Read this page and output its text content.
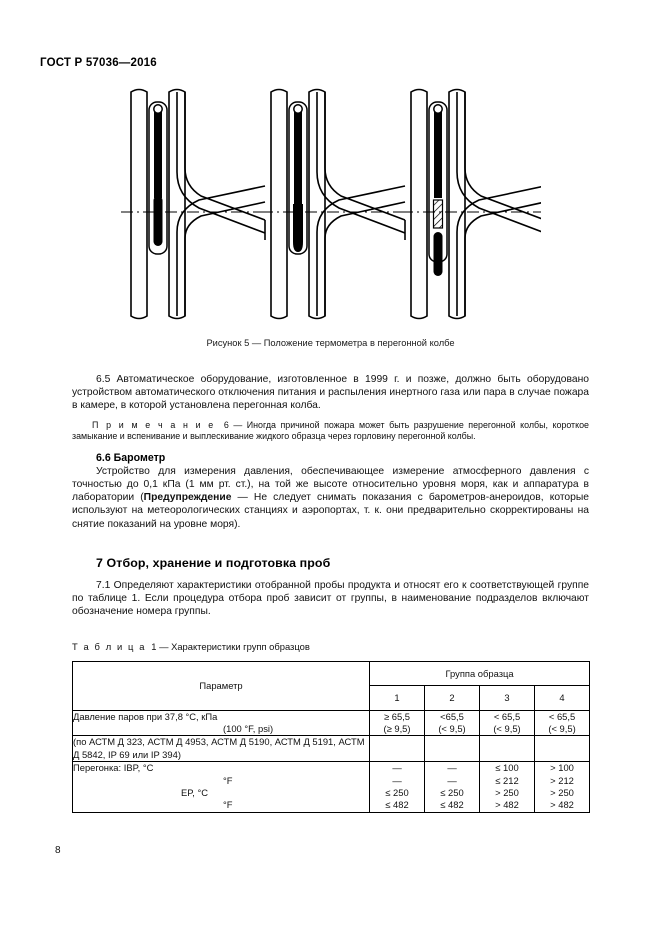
ГОСТ Р 57036—2016
Рисунок 5 — Положение термометра в перегонной колбе

6.5 Автоматическое оборудование, изготовленное в 1999 г. и позже, должно быть оборудовано устройством автоматического отключения питания и распыления инертного газа или пара в случае пожара в камере, в которой установлена перегонная колба.

П р и м е ч а н и е 6 — Иногда причиной пожара может быть разрушение перегонной колбы, короткое замыкание и вспенивание и выплескивание жидкого образца через горловину перегонной колбы.

6.6 Барометр

Устройство для измерения давления, обеспечивающее измерение атмосферного давления с точностью до 0,1 кПа (1 мм рт. ст.), на той же высоте относительно уровня моря, как и аппаратура в лаборатории (Предупреждение — Не следует снимать показания с барометров-анероидов, которые используют на метеорологических станциях и аэропортах, т. к. они предварительно скорректированы на снятие показаний на уровне моря).

7 Отбор, хранение и подготовка проб

7.1 Определяют характеристики отобранной пробы продукта и относят его к соответствующей группе по таблице 1. Если процедура отбора проб зависит от группы, в наименование подразделов включают обозначение номера группы.

Т а б л и ц а 1 — Характеристики групп образцов

Параметр	Группа образца			
	1	2	3	4
Давление паров при 37,8 °C, кПа	≥ 65,5	<65,5	< 65,5	< 65,5
(100 °F, psi)	(≥ 9,5)	(< 9,5)	(< 9,5)	(< 9,5)
(по АСТМ Д 323, АСТМ Д 4953, АСТМ Д 5190, АСТМ Д 5191, АСТМ Д 5842, IP 69 или IP 394)				
Перегонка: IBP, °C	—	—	≤ 100	> 100
°F	—	—	≤ 212	> 212
EP, °C	≤ 250	≤ 250	> 250	> 250
°F	≤ 482	≤ 482	> 482	> 482
8
